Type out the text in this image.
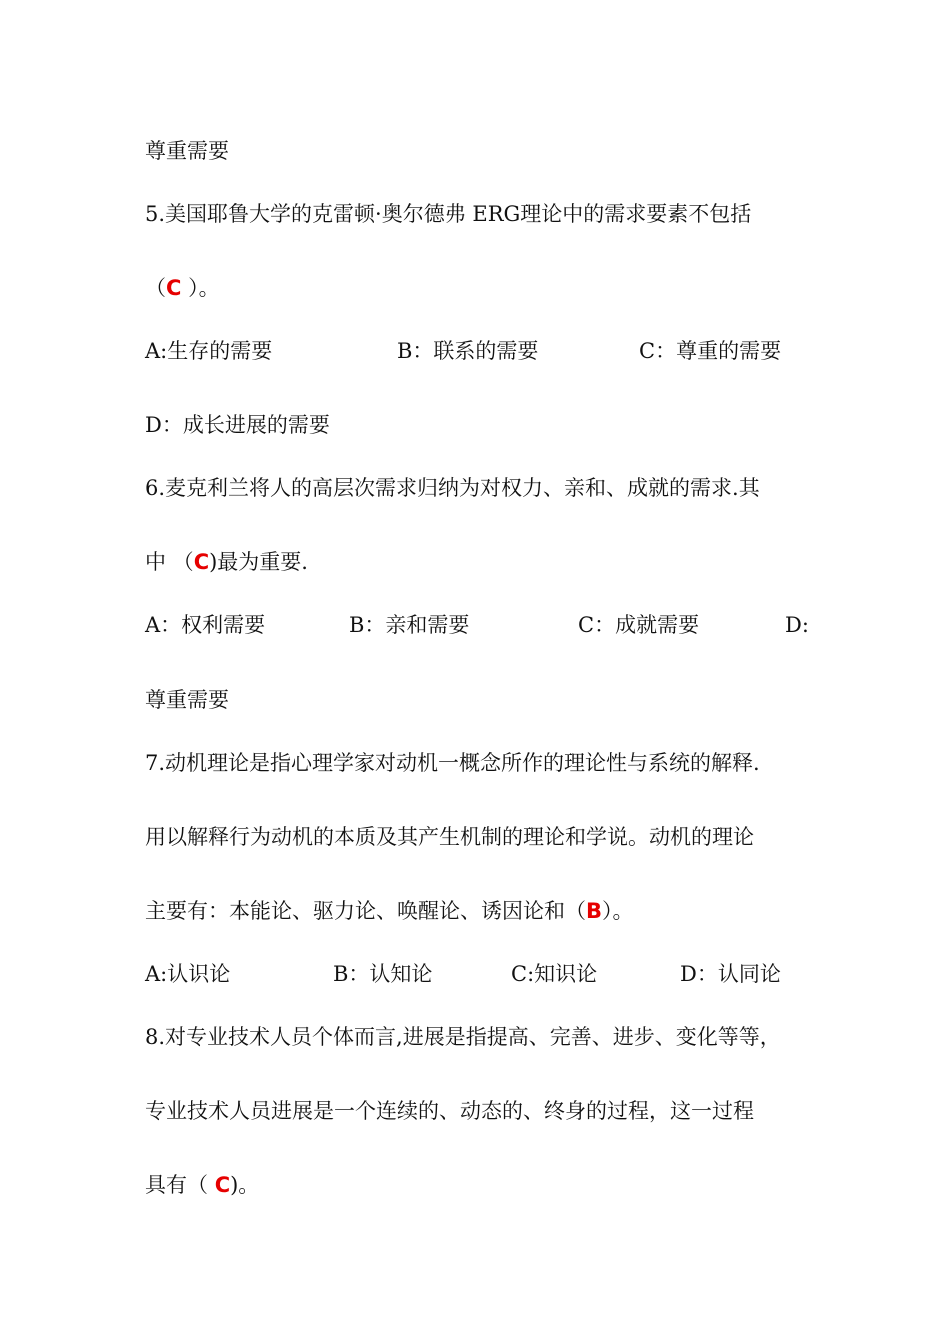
尊重需要
5.美国耶鲁大学的克雷顿·奥尔德弗 ERG理论中的需求要素不包括
（C ）。
A:生存的需要	B：联系的需要	C：尊重的需要
D：成长进展的需要
6.麦克利兰将人的高层次需求归纳为对权力、亲和、成就的需求.其
中 （C)最为重要.
A：权利需要	B：亲和需要	C：成就需要	D:
尊重需要
7.动机理论是指心理学家对动机一概念所作的理论性与系统的解释.
用以解释行为动机的本质及其产生机制的理论和学说。动机的理论
主要有：本能论、驱力论、唤醒论、诱因论和（B）。
A:认识论	B：认知论	C:知识论	D：认同论
8.对专业技术人员个体而言,进展是指提高、完善、进步、变化等等，
专业技术人员进展是一个连续的、动态的、终身的过程，这一过程
具有（ C)。
